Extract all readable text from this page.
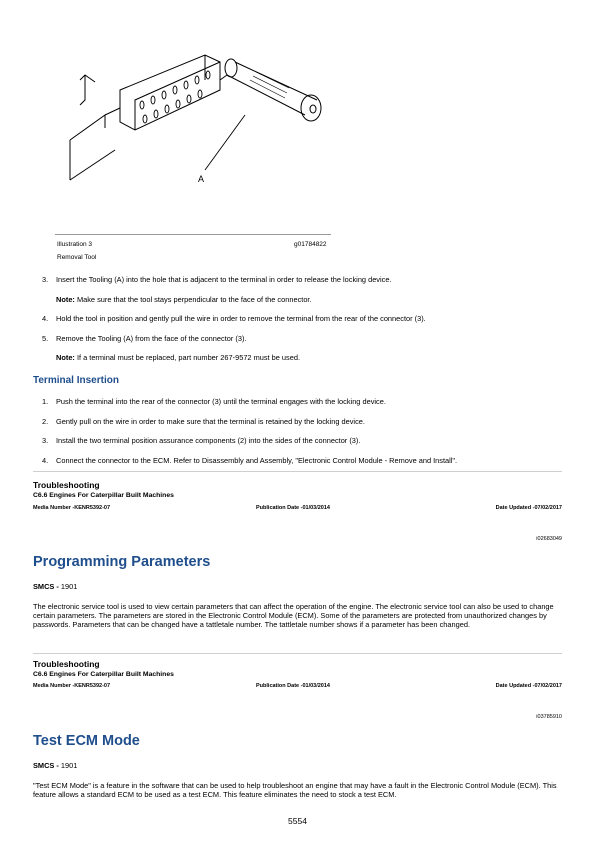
A
Illustration 3	g01784822
Removal Tool
3. Insert the Tooling (A) into the hole that is adjacent to the terminal in order to release the locking device.
Note: Make sure that the tool stays perpendicular to the face of the connector.
4. Hold the tool in position and gently pull the wire in order to remove the terminal from the rear of the connector (3).
5. Remove the Tooling (A) from the face of the connector (3).
Note: If a terminal must be replaced, part number 267-9572 must be used.
Terminal Insertion
1. Push the terminal into the rear of the connector (3) until the terminal engages with the locking device.
2. Gently pull on the wire in order to make sure that the terminal is retained by the locking device.
3. Install the two terminal position assurance components (2) into the sides of the connector (3).
4. Connect the connector to the ECM. Refer to Disassembly and Assembly, "Electronic Control Module - Remove and Install".
Troubleshooting
C6.6 Engines For Caterpillar Built Machines
Media Number -KENR5392-07	Publication Date -01/03/2014	Date Updated -07/02/2017
i02683049
Programming Parameters
SMCS - 1901
The electronic service tool is used to view certain parameters that can affect the operation of the engine. The electronic service tool can also be used to change certain parameters. The parameters are stored in the Electronic Control Module (ECM). Some of the parameters are protected from unauthorized changes by passwords. Parameters that can be changed have a tattletale number. The tattletale number shows if a parameter has been changed.
Troubleshooting
C6.6 Engines For Caterpillar Built Machines
Media Number -KENR5392-07	Publication Date -01/03/2014	Date Updated -07/02/2017
i03785910
Test ECM Mode
SMCS - 1901
"Test ECM Mode" is a feature in the software that can be used to help troubleshoot an engine that may have a fault in the Electronic Control Module (ECM). This feature allows a standard ECM to be used as a test ECM. This feature eliminates the need to stock a test ECM.
5554
